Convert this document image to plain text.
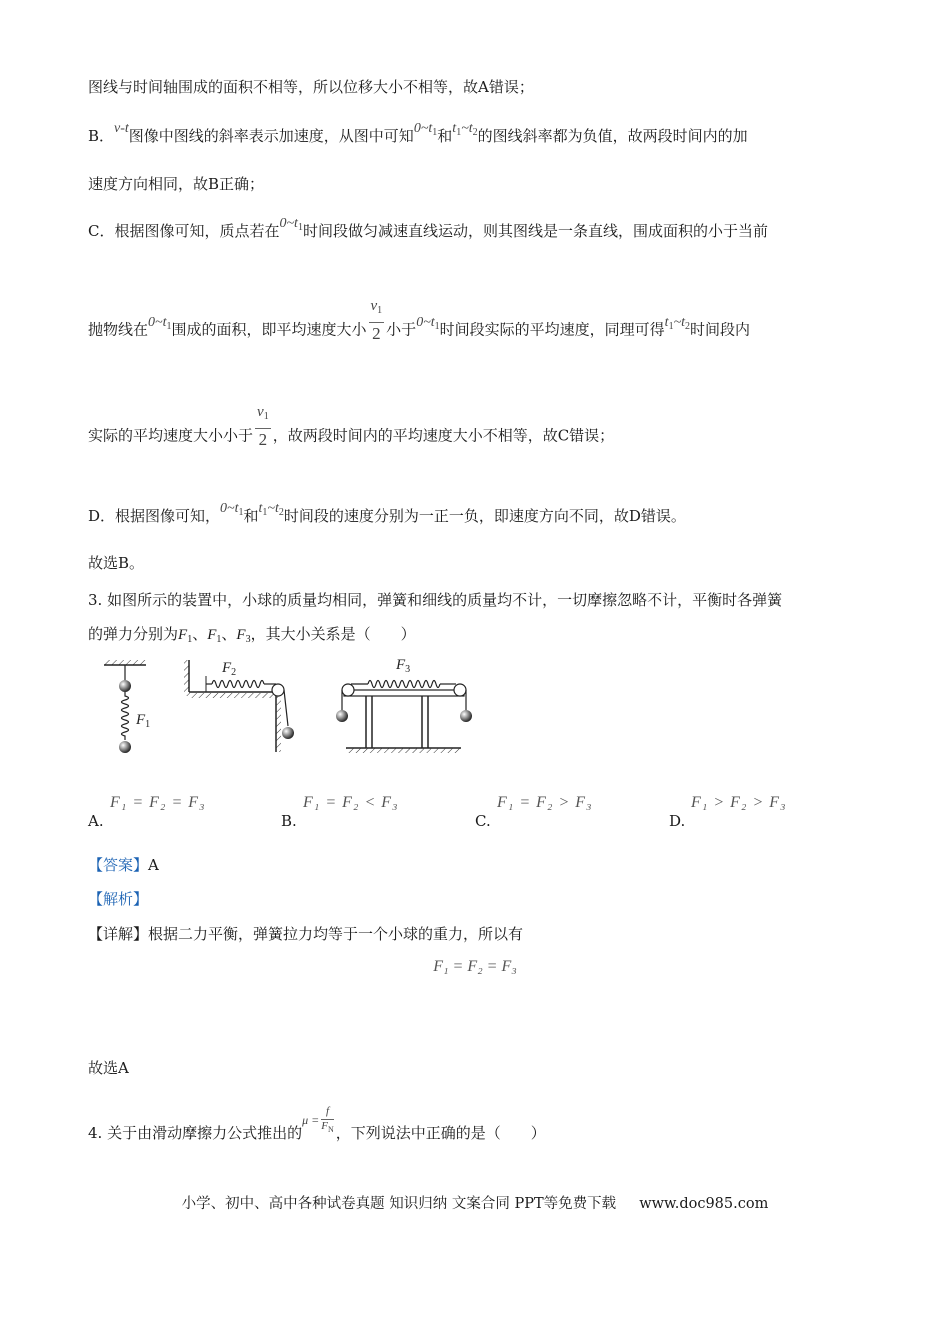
图线与时间轴围成的面积不相等，所以位移大小不相等，故A错误；
B．v-t图像中图线的斜率表示加速度，从图中可知$0\sim t_1$和$t_1\sim t_2$的图线斜率都为负值，故两段时间内的加
速度方向相同，故B正确；
C．根据图像可知，质点若在$0\sim t_1$时间段做匀减速直线运动，则其图线是一条直线，围成面积的小于当前
抛物线在$0\sim t_1$围成的面积，即平均速度大小 $\frac{v_1}{2}$ 小于$0\sim t_1$时间段实际的平均速度，同理可得$t_1\sim t_2$时间段内
实际的平均速度大小小于 $\frac{v_1}{2}$ ，故两段时间内的平均速度大小不相等，故C错误；
D．根据图像可知，$0\sim t_1$和$t_1\sim t_2$时间段的速度分别为一正一负，即速度方向不同，故D错误。
故选B。
3. 如图所示的装置中，小球的质量均相同，弹簧和细线的质量均不计，一切摩擦忽略不计，平衡时各弹簧
的弹力分别为$F_1$、$F_1$、$F_3$，其大小关系是（　　）
$F_1$
$F_2$	$F_3$
A.
F₁ = F₂ = F₃
B.
F₁ = F₂ < F₃
C.
F₁ = F₂ > F₃
D.
F₁ > F₂ > F₃
【答案】A
【解析】
【详解】根据二力平衡，弹簧拉力均等于一个小球的重力，所以有
F₁ = F₂ = F₃
故选A
4. 关于由滑动摩擦力公式推出的$^{\mu =} \frac{f}{F_N}$ ，下列说法中正确的是（　　）
小学、初中、高中各种试卷真题 知识归纳 文案合同 PPT等免费下载 www.doc985.com
